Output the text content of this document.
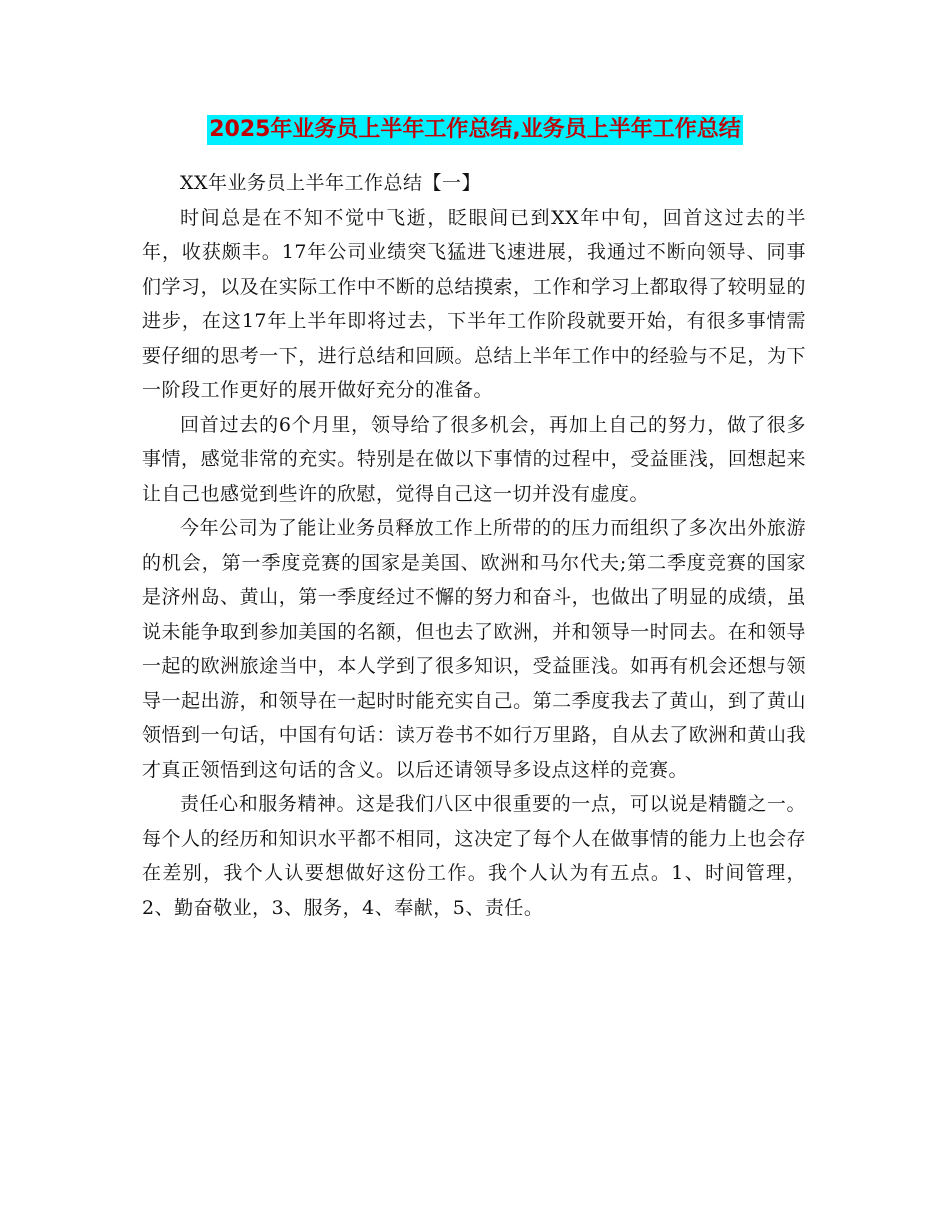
2025年业务员上半年工作总结,业务员上半年工作总结

XX年业务员上半年工作总结【一】

时间总是在不知不觉中飞逝，眨眼间已到XX年中旬，回首这过去的半年，收获颇丰。17年公司业绩突飞猛进飞速进展，我通过不断向领导、同事们学习，以及在实际工作中不断的总结摸索，工作和学习上都取得了较明显的进步，在这17年上半年即将过去，下半年工作阶段就要开始，有很多事情需要仔细的思考一下，进行总结和回顾。总结上半年工作中的经验与不足，为下一阶段工作更好的展开做好充分的准备。

回首过去的6个月里，领导给了很多机会，再加上自己的努力，做了很多事情，感觉非常的充实。特别是在做以下事情的过程中，受益匪浅，回想起来让自己也感觉到些许的欣慰，觉得自己这一切并没有虚度。

今年公司为了能让业务员释放工作上所带的的压力而组织了多次出外旅游的机会，第一季度竞赛的国家是美国、欧洲和马尔代夫;第二季度竞赛的国家是济州岛、黄山，第一季度经过不懈的努力和奋斗，也做出了明显的成绩，虽说未能争取到参加美国的名额，但也去了欧洲，并和领导一时同去。在和领导一起的欧洲旅途当中，本人学到了很多知识，受益匪浅。如再有机会还想与领导一起出游，和领导在一起时时能充实自己。第二季度我去了黄山，到了黄山领悟到一句话，中国有句话：读万卷书不如行万里路，自从去了欧洲和黄山我才真正领悟到这句话的含义。以后还请领导多设点这样的竞赛。

责任心和服务精神。这是我们八区中很重要的一点，可以说是精髓之一。每个人的经历和知识水平都不相同，这决定了每个人在做事情的能力上也会存在差别，我个人认要想做好这份工作。我个人认为有五点。1、时间管理，2、勤奋敬业，3、服务，4、奉献，5、责任。
